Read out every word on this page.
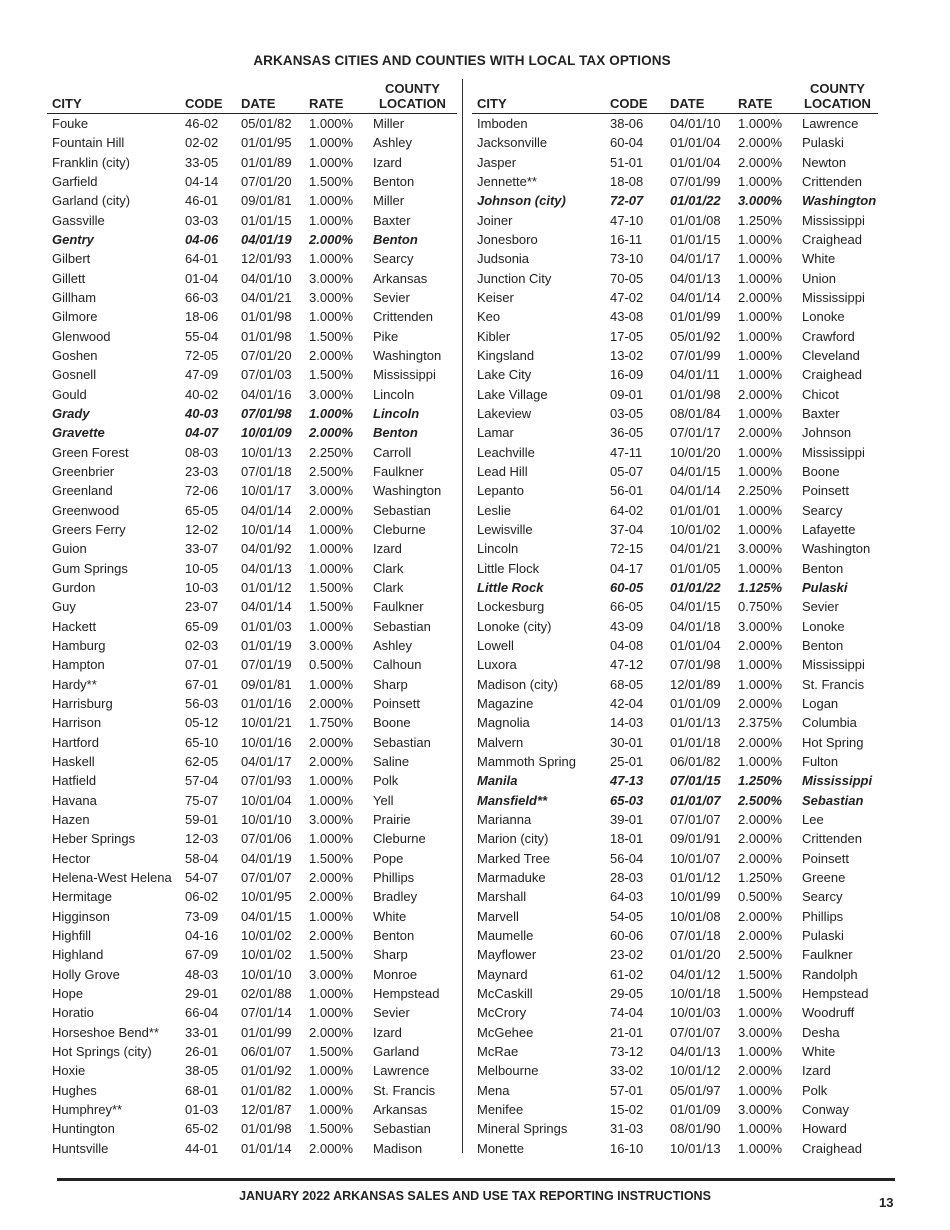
ARKANSAS CITIES AND COUNTIES WITH LOCAL TAX OPTIONS
CITY	CODE	DATE	RATE	COUNTY
LOCATION
Fouke	46-02	05/01/82	1.000%	Miller
Fountain Hill	02-02	01/01/95	1.000%	Ashley
Franklin (city)	33-05	01/01/89	1.000%	Izard
Garfield	04-14	07/01/20	1.500%	Benton
Garland (city)	46-01	09/01/81	1.000%	Miller
Gassville	03-03	01/01/15	1.000%	Baxter
Gentry	04-06	04/01/19	2.000%	Benton
Gilbert	64-01	12/01/93	1.000%	Searcy
Gillett	01-04	04/01/10	3.000%	Arkansas
Gillham	66-03	04/01/21	3.000%	Sevier
Gilmore	18-06	01/01/98	1.000%	Crittenden
Glenwood	55-04	01/01/98	1.500%	Pike
Goshen	72-05	07/01/20	2.000%	Washington
Gosnell	47-09	07/01/03	1.500%	Mississippi
Gould	40-02	04/01/16	3.000%	Lincoln
Grady	40-03	07/01/98	1.000%	Lincoln
Gravette	04-07	10/01/09	2.000%	Benton
Green Forest	08-03	10/01/13	2.250%	Carroll
Greenbrier	23-03	07/01/18	2.500%	Faulkner
Greenland	72-06	10/01/17	3.000%	Washington
Greenwood	65-05	04/01/14	2.000%	Sebastian
Greers Ferry	12-02	10/01/14	1.000%	Cleburne
Guion	33-07	04/01/92	1.000%	Izard
Gum Springs	10-05	04/01/13	1.000%	Clark
Gurdon	10-03	01/01/12	1.500%	Clark
Guy	23-07	04/01/14	1.500%	Faulkner
Hackett	65-09	01/01/03	1.000%	Sebastian
Hamburg	02-03	01/01/19	3.000%	Ashley
Hampton	07-01	07/01/19	0.500%	Calhoun
Hardy**	67-01	09/01/81	1.000%	Sharp
Harrisburg	56-03	01/01/16	2.000%	Poinsett
Harrison	05-12	10/01/21	1.750%	Boone
Hartford	65-10	10/01/16	2.000%	Sebastian
Haskell	62-05	04/01/17	2.000%	Saline
Hatfield	57-04	07/01/93	1.000%	Polk
Havana	75-07	10/01/04	1.000%	Yell
Hazen	59-01	10/01/10	3.000%	Prairie
Heber Springs	12-03	07/01/06	1.000%	Cleburne
Hector	58-04	04/01/19	1.500%	Pope
Helena-West Helena	54-07	07/01/07	2.000%	Phillips
Hermitage	06-02	10/01/95	2.000%	Bradley
Higginson	73-09	04/01/15	1.000%	White
Highfill	04-16	10/01/02	2.000%	Benton
Highland	67-09	10/01/02	1.500%	Sharp
Holly Grove	48-03	10/01/10	3.000%	Monroe
Hope	29-01	02/01/88	1.000%	Hempstead
Horatio	66-04	07/01/14	1.000%	Sevier
Horseshoe Bend**	33-01	01/01/99	2.000%	Izard
Hot Springs (city)	26-01	06/01/07	1.500%	Garland
Hoxie	38-05	01/01/92	1.000%	Lawrence
Hughes	68-01	01/01/82	1.000%	St. Francis
Humphrey**	01-03	12/01/87	1.000%	Arkansas
Huntington	65-02	01/01/98	1.500%	Sebastian
Huntsville	44-01	01/01/14	2.000%	Madison
CITY	CODE	DATE	RATE	COUNTY
LOCATION
Imboden	38-06	04/01/10	1.000%	Lawrence
Jacksonville	60-04	01/01/04	2.000%	Pulaski
Jasper	51-01	01/01/04	2.000%	Newton
Jennette**	18-08	07/01/99	1.000%	Crittenden
Johnson (city)	72-07	01/01/22	3.000%	Washington
Joiner	47-10	01/01/08	1.250%	Mississippi
Jonesboro	16-11	01/01/15	1.000%	Craighead
Judsonia	73-10	04/01/17	1.000%	White
Junction City	70-05	04/01/13	1.000%	Union
Keiser	47-02	04/01/14	2.000%	Mississippi
Keo	43-08	01/01/99	1.000%	Lonoke
Kibler	17-05	05/01/92	1.000%	Crawford
Kingsland	13-02	07/01/99	1.000%	Cleveland
Lake City	16-09	04/01/11	1.000%	Craighead
Lake Village	09-01	01/01/98	2.000%	Chicot
Lakeview	03-05	08/01/84	1.000%	Baxter
Lamar	36-05	07/01/17	2.000%	Johnson
Leachville	47-11	10/01/20	1.000%	Mississippi
Lead Hill	05-07	04/01/15	1.000%	Boone
Lepanto	56-01	04/01/14	2.250%	Poinsett
Leslie	64-02	01/01/01	1.000%	Searcy
Lewisville	37-04	10/01/02	1.000%	Lafayette
Lincoln	72-15	04/01/21	3.000%	Washington
Little Flock	04-17	01/01/05	1.000%	Benton
Little Rock	60-05	01/01/22	1.125%	Pulaski
Lockesburg	66-05	04/01/15	0.750%	Sevier
Lonoke (city)	43-09	04/01/18	3.000%	Lonoke
Lowell	04-08	01/01/04	2.000%	Benton
Luxora	47-12	07/01/98	1.000%	Mississippi
Madison (city)	68-05	12/01/89	1.000%	St. Francis
Magazine	42-04	01/01/09	2.000%	Logan
Magnolia	14-03	01/01/13	2.375%	Columbia
Malvern	30-01	01/01/18	2.000%	Hot Spring
Mammoth Spring	25-01	06/01/82	1.000%	Fulton
Manila	47-13	07/01/15	1.250%	Mississippi
Mansfield**	65-03	01/01/07	2.500%	Sebastian
Marianna	39-01	07/01/07	2.000%	Lee
Marion (city)	18-01	09/01/91	2.000%	Crittenden
Marked Tree	56-04	10/01/07	2.000%	Poinsett
Marmaduke	28-03	01/01/12	1.250%	Greene
Marshall	64-03	10/01/99	0.500%	Searcy
Marvell	54-05	10/01/08	2.000%	Phillips
Maumelle	60-06	07/01/18	2.000%	Pulaski
Mayflower	23-02	01/01/20	2.500%	Faulkner
Maynard	61-02	04/01/12	1.500%	Randolph
McCaskill	29-05	10/01/18	1.500%	Hempstead
McCrory	74-04	10/01/03	1.000%	Woodruff
McGehee	21-01	07/01/07	3.000%	Desha
McRae	73-12	04/01/13	1.000%	White
Melbourne	33-02	10/01/12	2.000%	Izard
Mena	57-01	05/01/97	1.000%	Polk
Menifee	15-02	01/01/09	3.000%	Conway
Mineral Springs	31-03	08/01/90	1.000%	Howard
Monette	16-10	10/01/13	1.000%	Craighead
JANUARY 2022 ARKANSAS SALES AND USE TAX REPORTING INSTRUCTIONS	13
